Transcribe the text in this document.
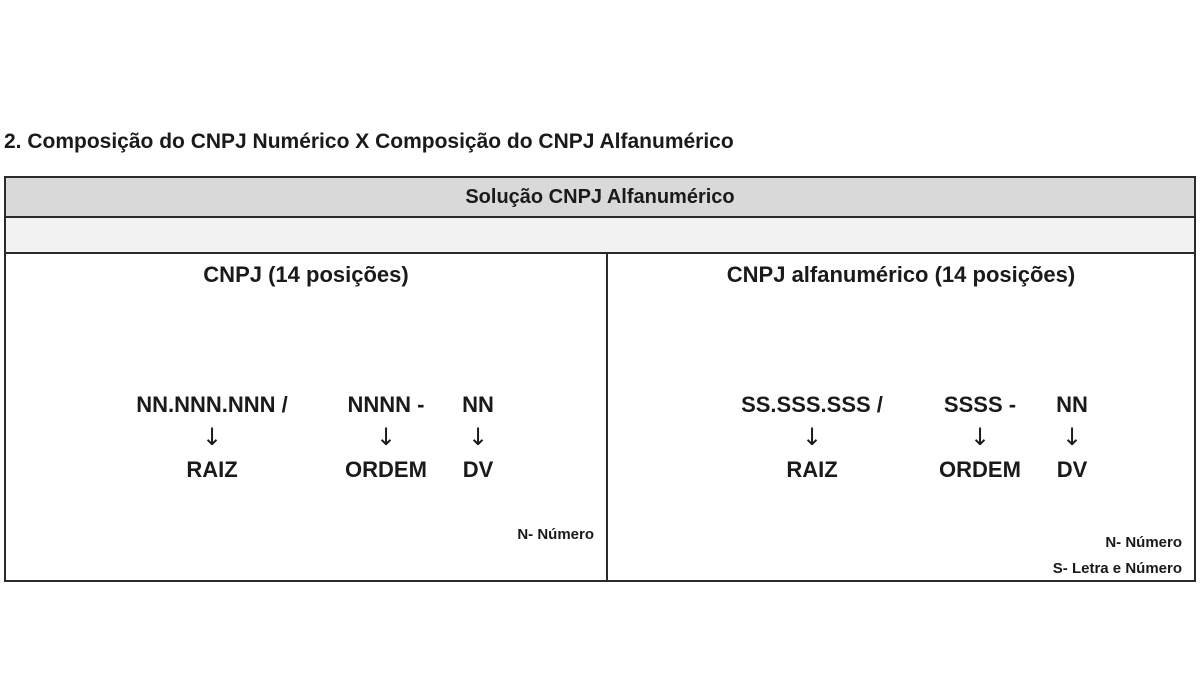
2. Composição do CNPJ Numérico X Composição do CNPJ Alfanumérico
Solução CNPJ Alfanumérico
CNPJ (14 posições)
NN.NNN.NNN /
↓
RAIZ
NNNN -
↓
ORDEM
NN
↓
DV
N- Número
CNPJ alfanumérico (14 posições)
SS.SSS.SSS /
↓
RAIZ
SSSS -
↓
ORDEM
NN
↓
DV
N- Número
S- Letra e Número
